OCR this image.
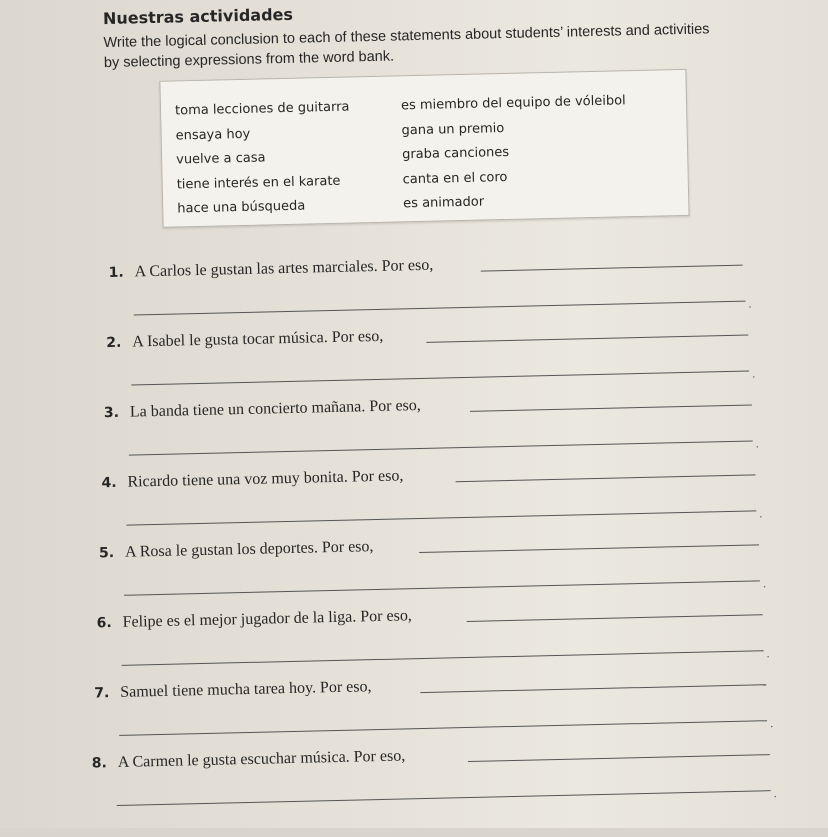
Nuestras actividades
Write the logical conclusion to each of these statements about students’ interests and activities by selecting expressions from the word bank.
toma lecciones de guitarra
ensaya hoy
vuelve a casa
tiene interés en el karate
hace una búsqueda
es miembro del equipo de vóleibol
gana un premio
graba canciones
canta en el coro
es animador
1. A Carlos le gustan las artes marciales. Por eso,
.
2. A Isabel le gusta tocar música. Por eso,
.
3. La banda tiene un concierto mañana. Por eso,
.
4. Ricardo tiene una voz muy bonita. Por eso,
.
5. A Rosa le gustan los deportes. Por eso,
.
6. Felipe es el mejor jugador de la liga. Por eso,
.
7. Samuel tiene mucha tarea hoy. Por eso,
.
8. A Carmen le gusta escuchar música. Por eso,
.
